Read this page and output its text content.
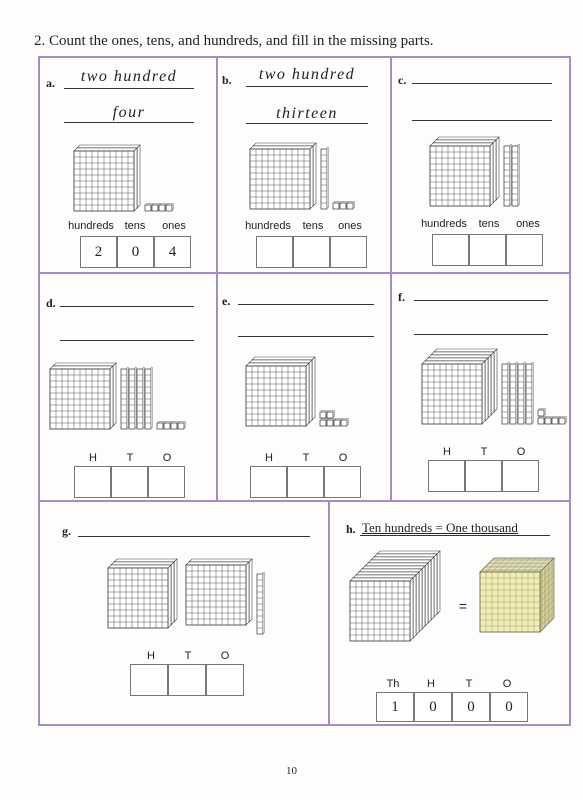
2. Count the ones, tens, and hundreds, and fill in the missing parts.
a.	two hundred
four
hundreds tens	ones
2	0	4
b.	two hundred
thirteen
hundreds	tens	ones
c.
hundreds	tens	ones
d.
H	T	O
e.
H	T	O
f.
H	T	O
g.
H	T	O
h. Ten hundreds = One thousand
=
Th	H	T	O
1	0	0	0
10
